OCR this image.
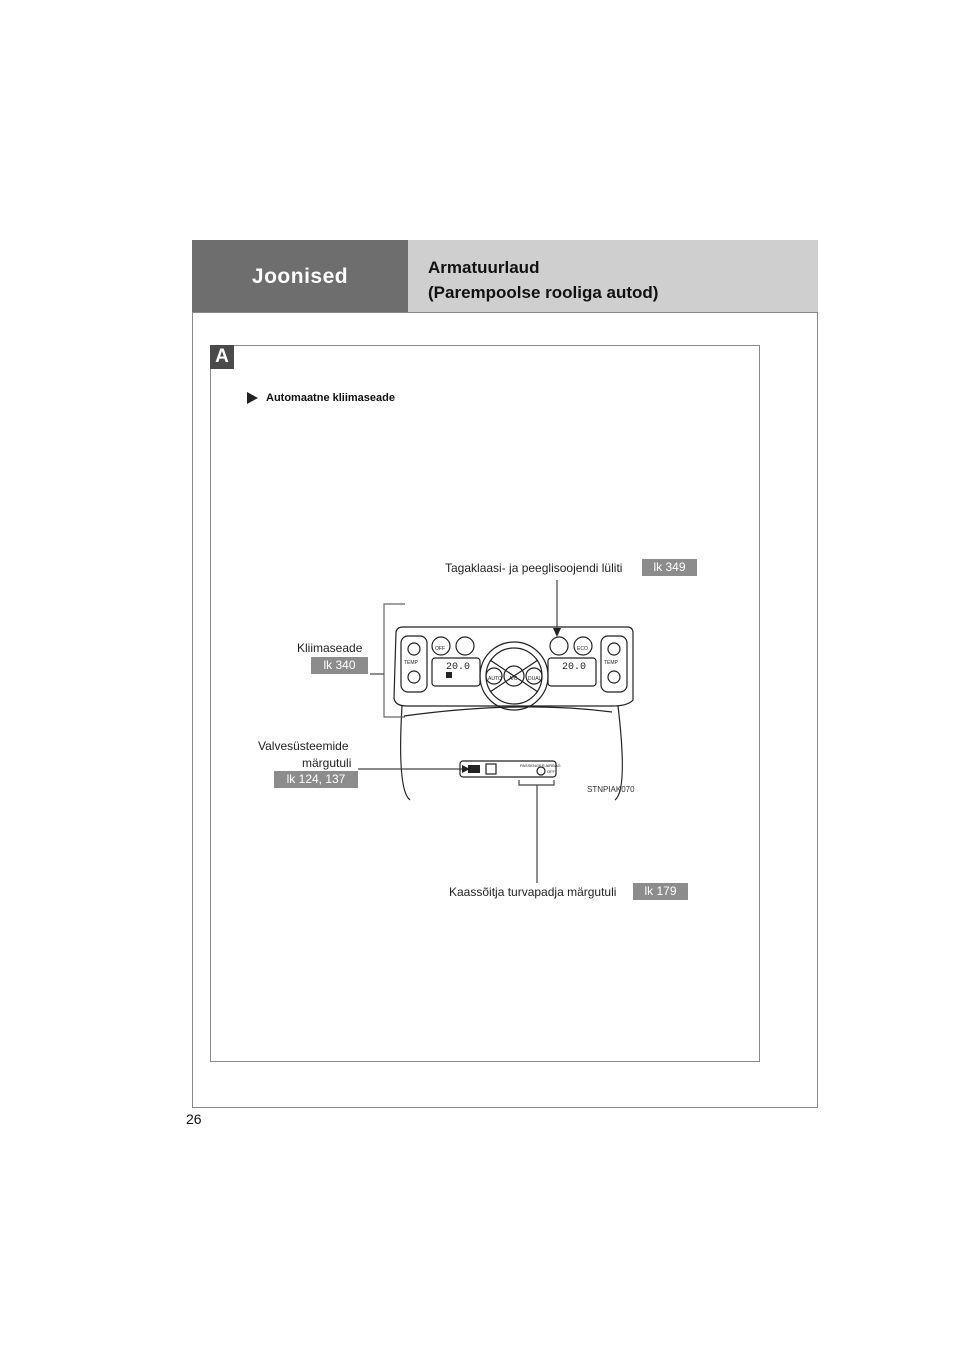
Joonised	Armatuurlaud
(Parempoolse rooliga autod)
A
Automaatne kliimaseade
20.0	20.0
TEMP	TEMP
OFF	ECO
AUTO A/C DUAL
PASSENGER AIRBAG
OFF
Tagaklaasi- ja peeglisoojendi lüliti	lk 349
Kliimaseade
lk 340
Valvesüsteemide
märgutuli
lk 124, 137
Kaassõitja turvapadja märgutuli	lk 179
STNPIAK070
26
